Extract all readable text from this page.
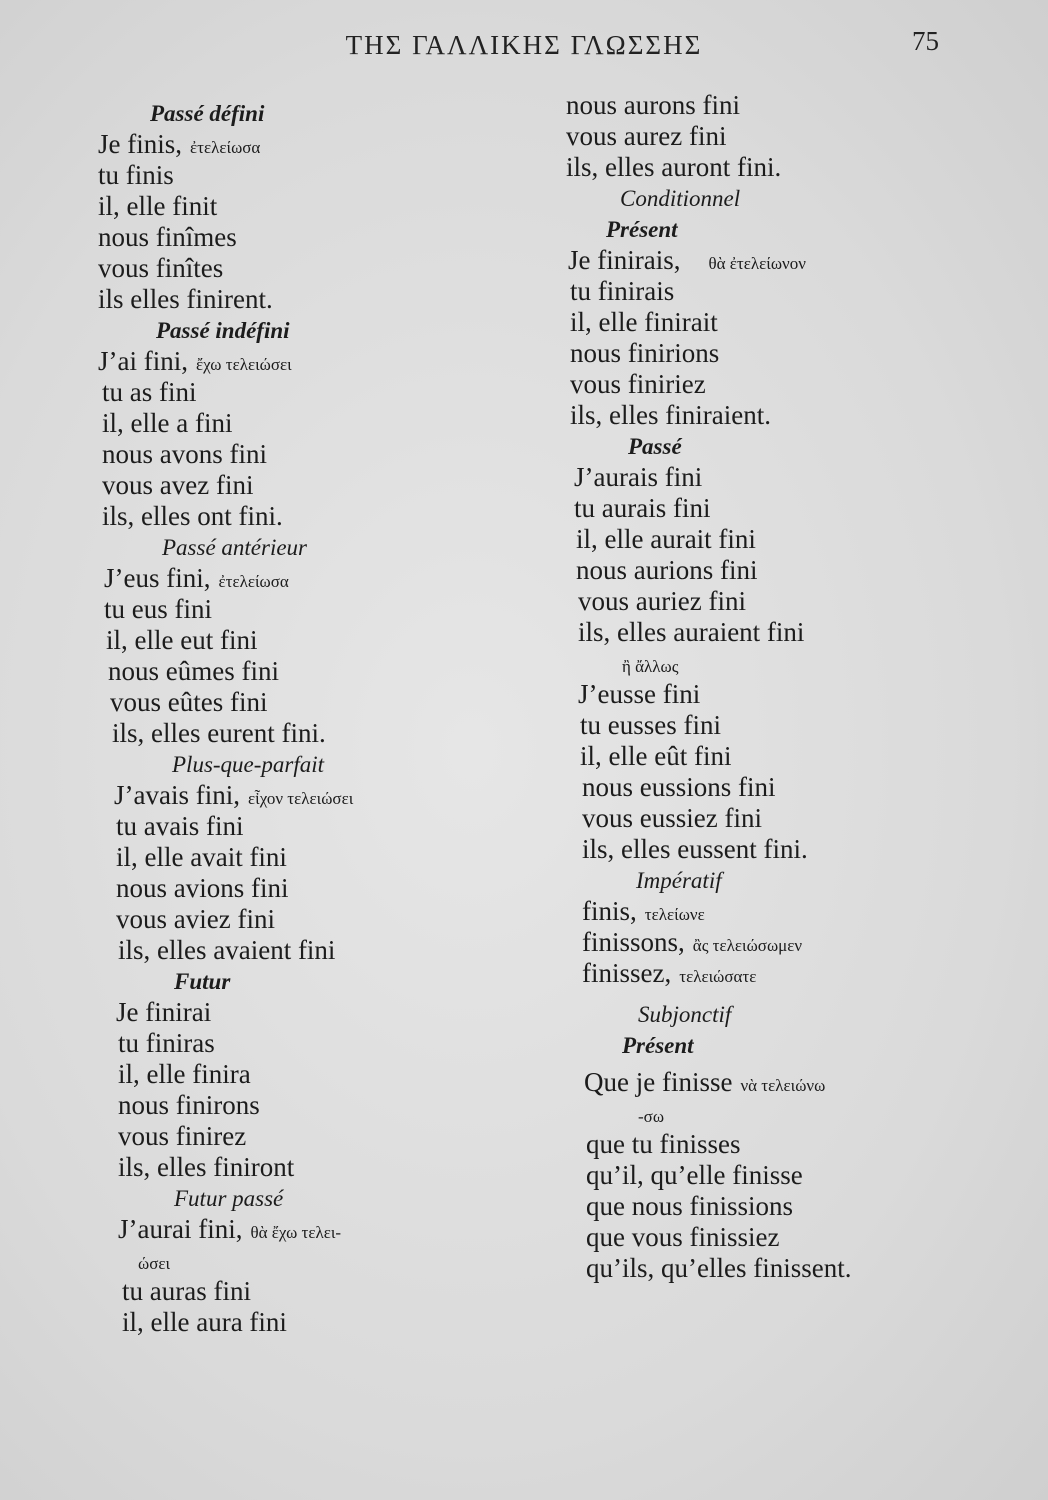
ΤΗΣ ΓΑΛΛΙΚΗΣ ΓΛΩΣΣΗΣ	75
Passé défini
Je finis, ἐτελείωσα
tu finis
il, elle finit
nous finîmes
vous finîtes
ils elles finirent.
Passé indéfini
J’ai fini, ἔχω τελειώσει
tu as fini
il, elle a fini
nous avons fini
vous avez fini
ils, elles ont fini.
Passé antérieur
J’eus fini, ἐτελείωσα
tu eus fini
il, elle eut fini
nous eûmes fini
vous eûtes fini
ils, elles eurent fini.
Plus-que-parfait
J’avais fini, εἶχον τελειώσει
tu avais fini
il, elle avait fini
nous avions fini
vous aviez fini
ils, elles avaient fini
Futur
Je finirai
tu finiras
il, elle finira
nous finirons
vous finirez
ils, elles finiront
Futur passé
J’aurai fini, θὰ ἔχω τελει-
ώσει
tu auras fini
il, elle aura fini
nous aurons fini
vous aurez fini
ils, elles auront fini.
Conditionnel
Présent
Je finirais, θὰ ἐτελείωνον
tu finirais
il, elle finirait
nous finirions
vous finiriez
ils, elles finiraient.
Passé
J’aurais fini
tu aurais fini
il, elle aurait fini
nous aurions fini
vous auriez fini
ils, elles auraient fini
ἢ ἄλλως
J’eusse fini
tu eusses fini
il, elle eût fini
nous eussions fini
vous eussiez fini
ils, elles eussent fini.
Impératif
finis, τελείωνε
finissons, ἂς τελειώσωμεν
finissez, τελειώσατε
Subjonctif
Présent
Que je finisse νὰ τελειώνω
-σω
que tu finisses
qu’il, qu’elle finisse
que nous finissions
que vous finissiez
qu’ils, qu’elles finissent.
